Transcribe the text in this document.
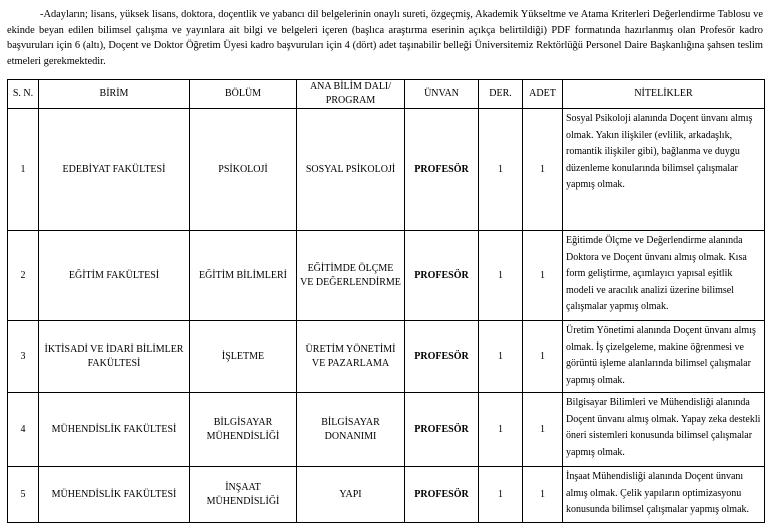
-Adayların; lisans, yüksek lisans, doktora, doçentlik ve yabancı dil belgelerinin onaylı sureti, özgeçmiş, Akademik Yükseltme ve Atama Kriterleri Değerlendirme Tablosu ve ekinde beyan edilen bilimsel çalışma ve yayınlara ait bilgi ve belgeleri içeren (başlıca araştırma eserinin açıkça belirtildiği) PDF formatında hazırlanmış olan Profesör kadro başvuruları için 6 (altı), Doçent ve Doktor Öğretim Üyesi kadro başvuruları için 4 (dört) adet taşınabilir belleği Üniversitemiz Rektörlüğü Personel Daire Başkanlığına şahsen teslim etmeleri gerekmektedir.

S. N.	BİRİM	BÖLÜM	ANA BİLİM DALI/ PROGRAM	ÜNVAN	DER.	ADET	NİTELİKLER
1	EDEBİYAT FAKÜLTESİ	PSİKOLOJİ	SOSYAL PSİKOLOJİ	PROFESÖR	1	1	Sosyal Psikoloji alanında Doçent ünvanı almış olmak. Yakın ilişkiler (evlilik, arkadaşlık, romantik ilişkiler gibi), bağlanma ve duygu düzenleme konularında bilimsel çalışmalar yapmış olmak.
2	EĞİTİM FAKÜLTESİ	EĞİTİM BİLİMLERİ	EĞİTİMDE ÖLÇME VE DEĞERLENDİRME	PROFESÖR	1	1	Eğitimde Ölçme ve Değerlendirme alanında Doktora ve Doçent ünvanı almış olmak. Kısa form geliştirme, açımlayıcı yapısal eşitlik modeli ve aracılık analizi üzerine bilimsel çalışmalar yapmış olmak.
3	İKTİSADİ VE İDARİ BİLİMLER FAKÜLTESİ	İŞLETME	ÜRETİM YÖNETİMİ VE PAZARLAMA	PROFESÖR	1	1	Üretim Yönetimi alanında Doçent ünvanı almış olmak. İş çizelgeleme, makine öğrenmesi ve görüntü işleme alanlarında bilimsel çalışmalar yapmış olmak.
4	MÜHENDİSLİK FAKÜLTESİ	BİLGİSAYAR MÜHENDİSLİĞİ	BİLGİSAYAR DONANIMI	PROFESÖR	1	1	Bilgisayar Bilimleri ve Mühendisliği alanında Doçent ünvanı almış olmak. Yapay zeka destekli öneri sistemleri konusunda bilimsel çalışmalar yapmış olmak.
5	MÜHENDİSLİK FAKÜLTESİ	İNŞAAT MÜHENDİSLİĞİ	YAPI	PROFESÖR	1	1	İnşaat Mühendisliği alanında Doçent ünvanı almış olmak. Çelik yapıların optimizasyonu konusunda bilimsel çalışmalar yapmış olmak.
